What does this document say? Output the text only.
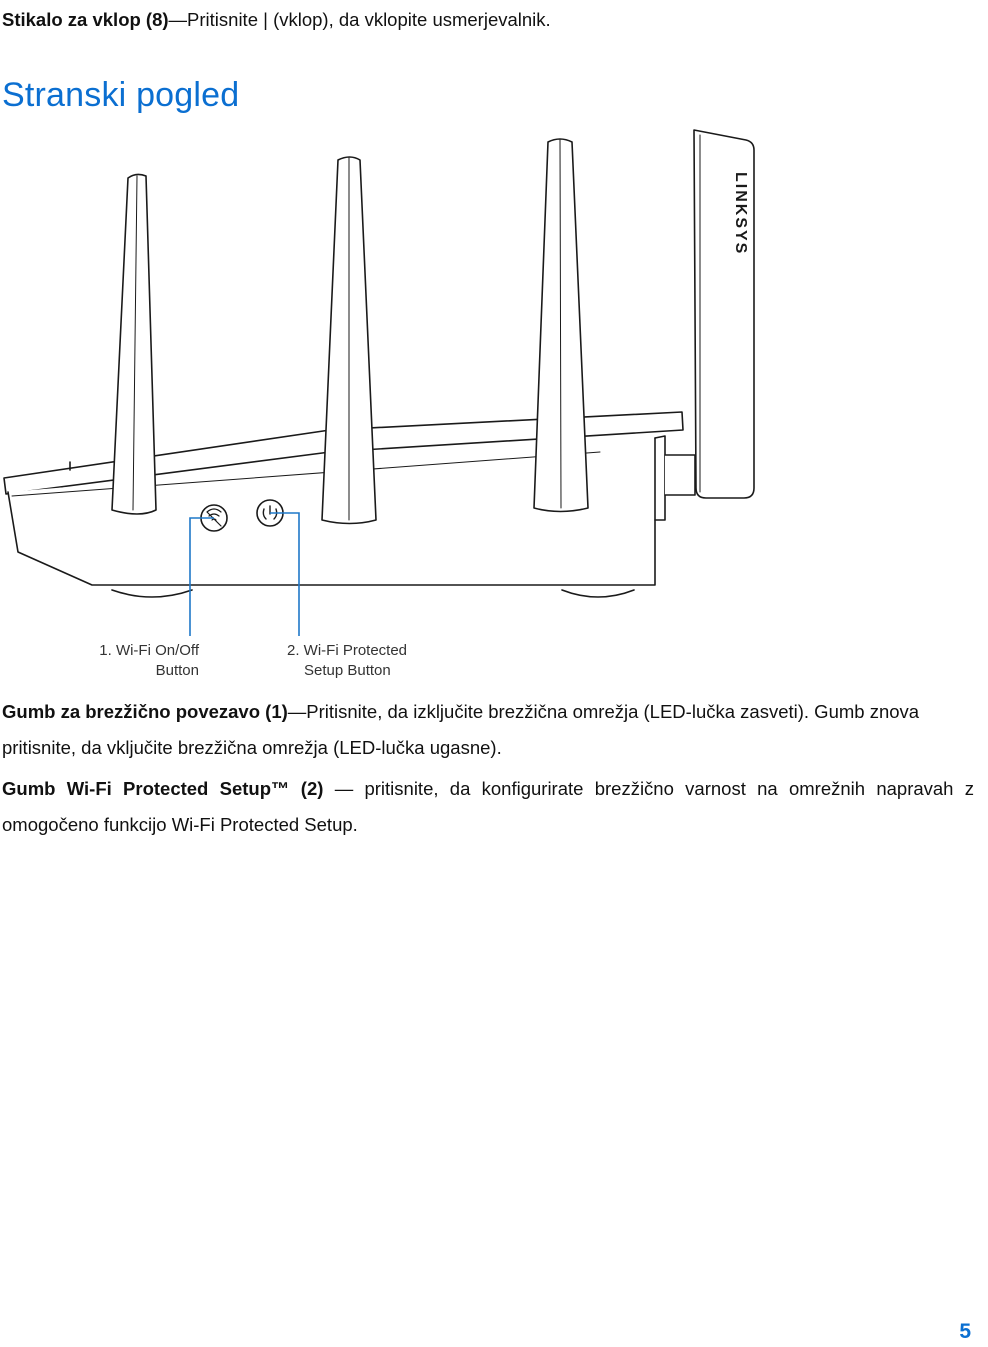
Stikalo za vklop (8)—Pritisnite | (vklop), da vklopite usmerjevalnik.

Stranski pogled
LINKSYS
1. Wi-Fi On/Off
Button
2. Wi-Fi Protected
Setup Button

Gumb za brezžično povezavo (1)—Pritisnite, da izključite brezžična omrežja (LED-lučka zasveti). Gumb znova pritisnite, da vključite brezžična omrežja (LED-lučka ugasne).

Gumb Wi-Fi Protected Setup™ (2) — pritisnite, da konfigurirate brezžično varnost na omrežnih napravah z omogočeno funkcijo Wi-Fi Protected Setup.

5
